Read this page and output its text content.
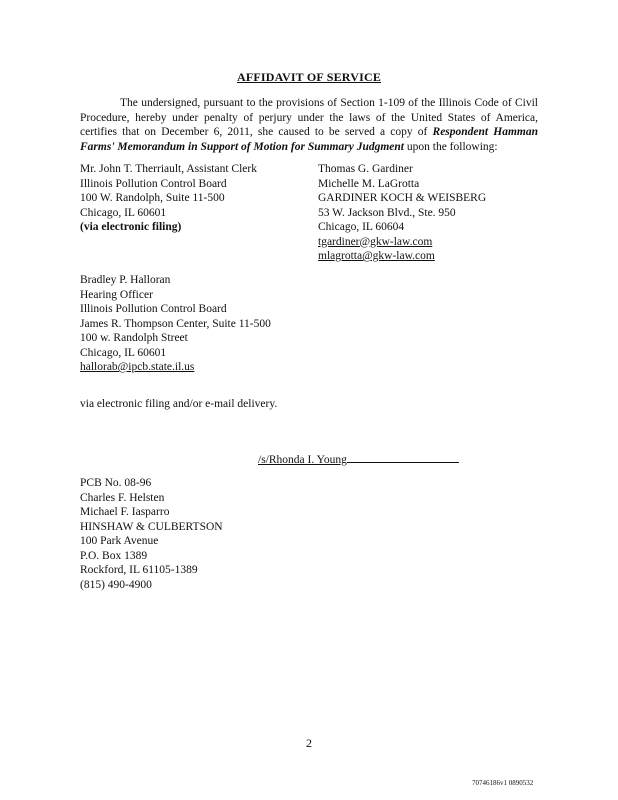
AFFIDAVIT OF SERVICE
The undersigned, pursuant to the provisions of Section 1-109 of the Illinois Code of Civil Procedure, hereby under penalty of perjury under the laws of the United States of America, certifies that on December 6, 2011, she caused to be served a copy of Respondent Hamman Farms' Memorandum in Support of Motion for Summary Judgment upon the following:
Mr. John T. Therriault, Assistant Clerk
Illinois Pollution Control Board
100 W. Randolph, Suite 11-500
Chicago, IL 60601
(via electronic filing)
Thomas G. Gardiner
Michelle M. LaGrotta
GARDINER KOCH & WEISBERG
53 W. Jackson Blvd., Ste. 950
Chicago, IL 60604
tgardiner@gkw-law.com
mlagrotta@gkw-law.com
Bradley P. Halloran
Hearing Officer
Illinois Pollution Control Board
James R. Thompson Center, Suite 11-500
100 w. Randolph Street
Chicago, IL 60601
hallorab@ipcb.state.il.us
via electronic filing and/or e-mail delivery.
/s/Rhonda I. Young
PCB No. 08-96
Charles F. Helsten
Michael F. Iasparro
HINSHAW & CULBERTSON
100 Park Avenue
P.O. Box 1389
Rockford, IL 61105-1389
(815) 490-4900
2
70746186v1 0890532
